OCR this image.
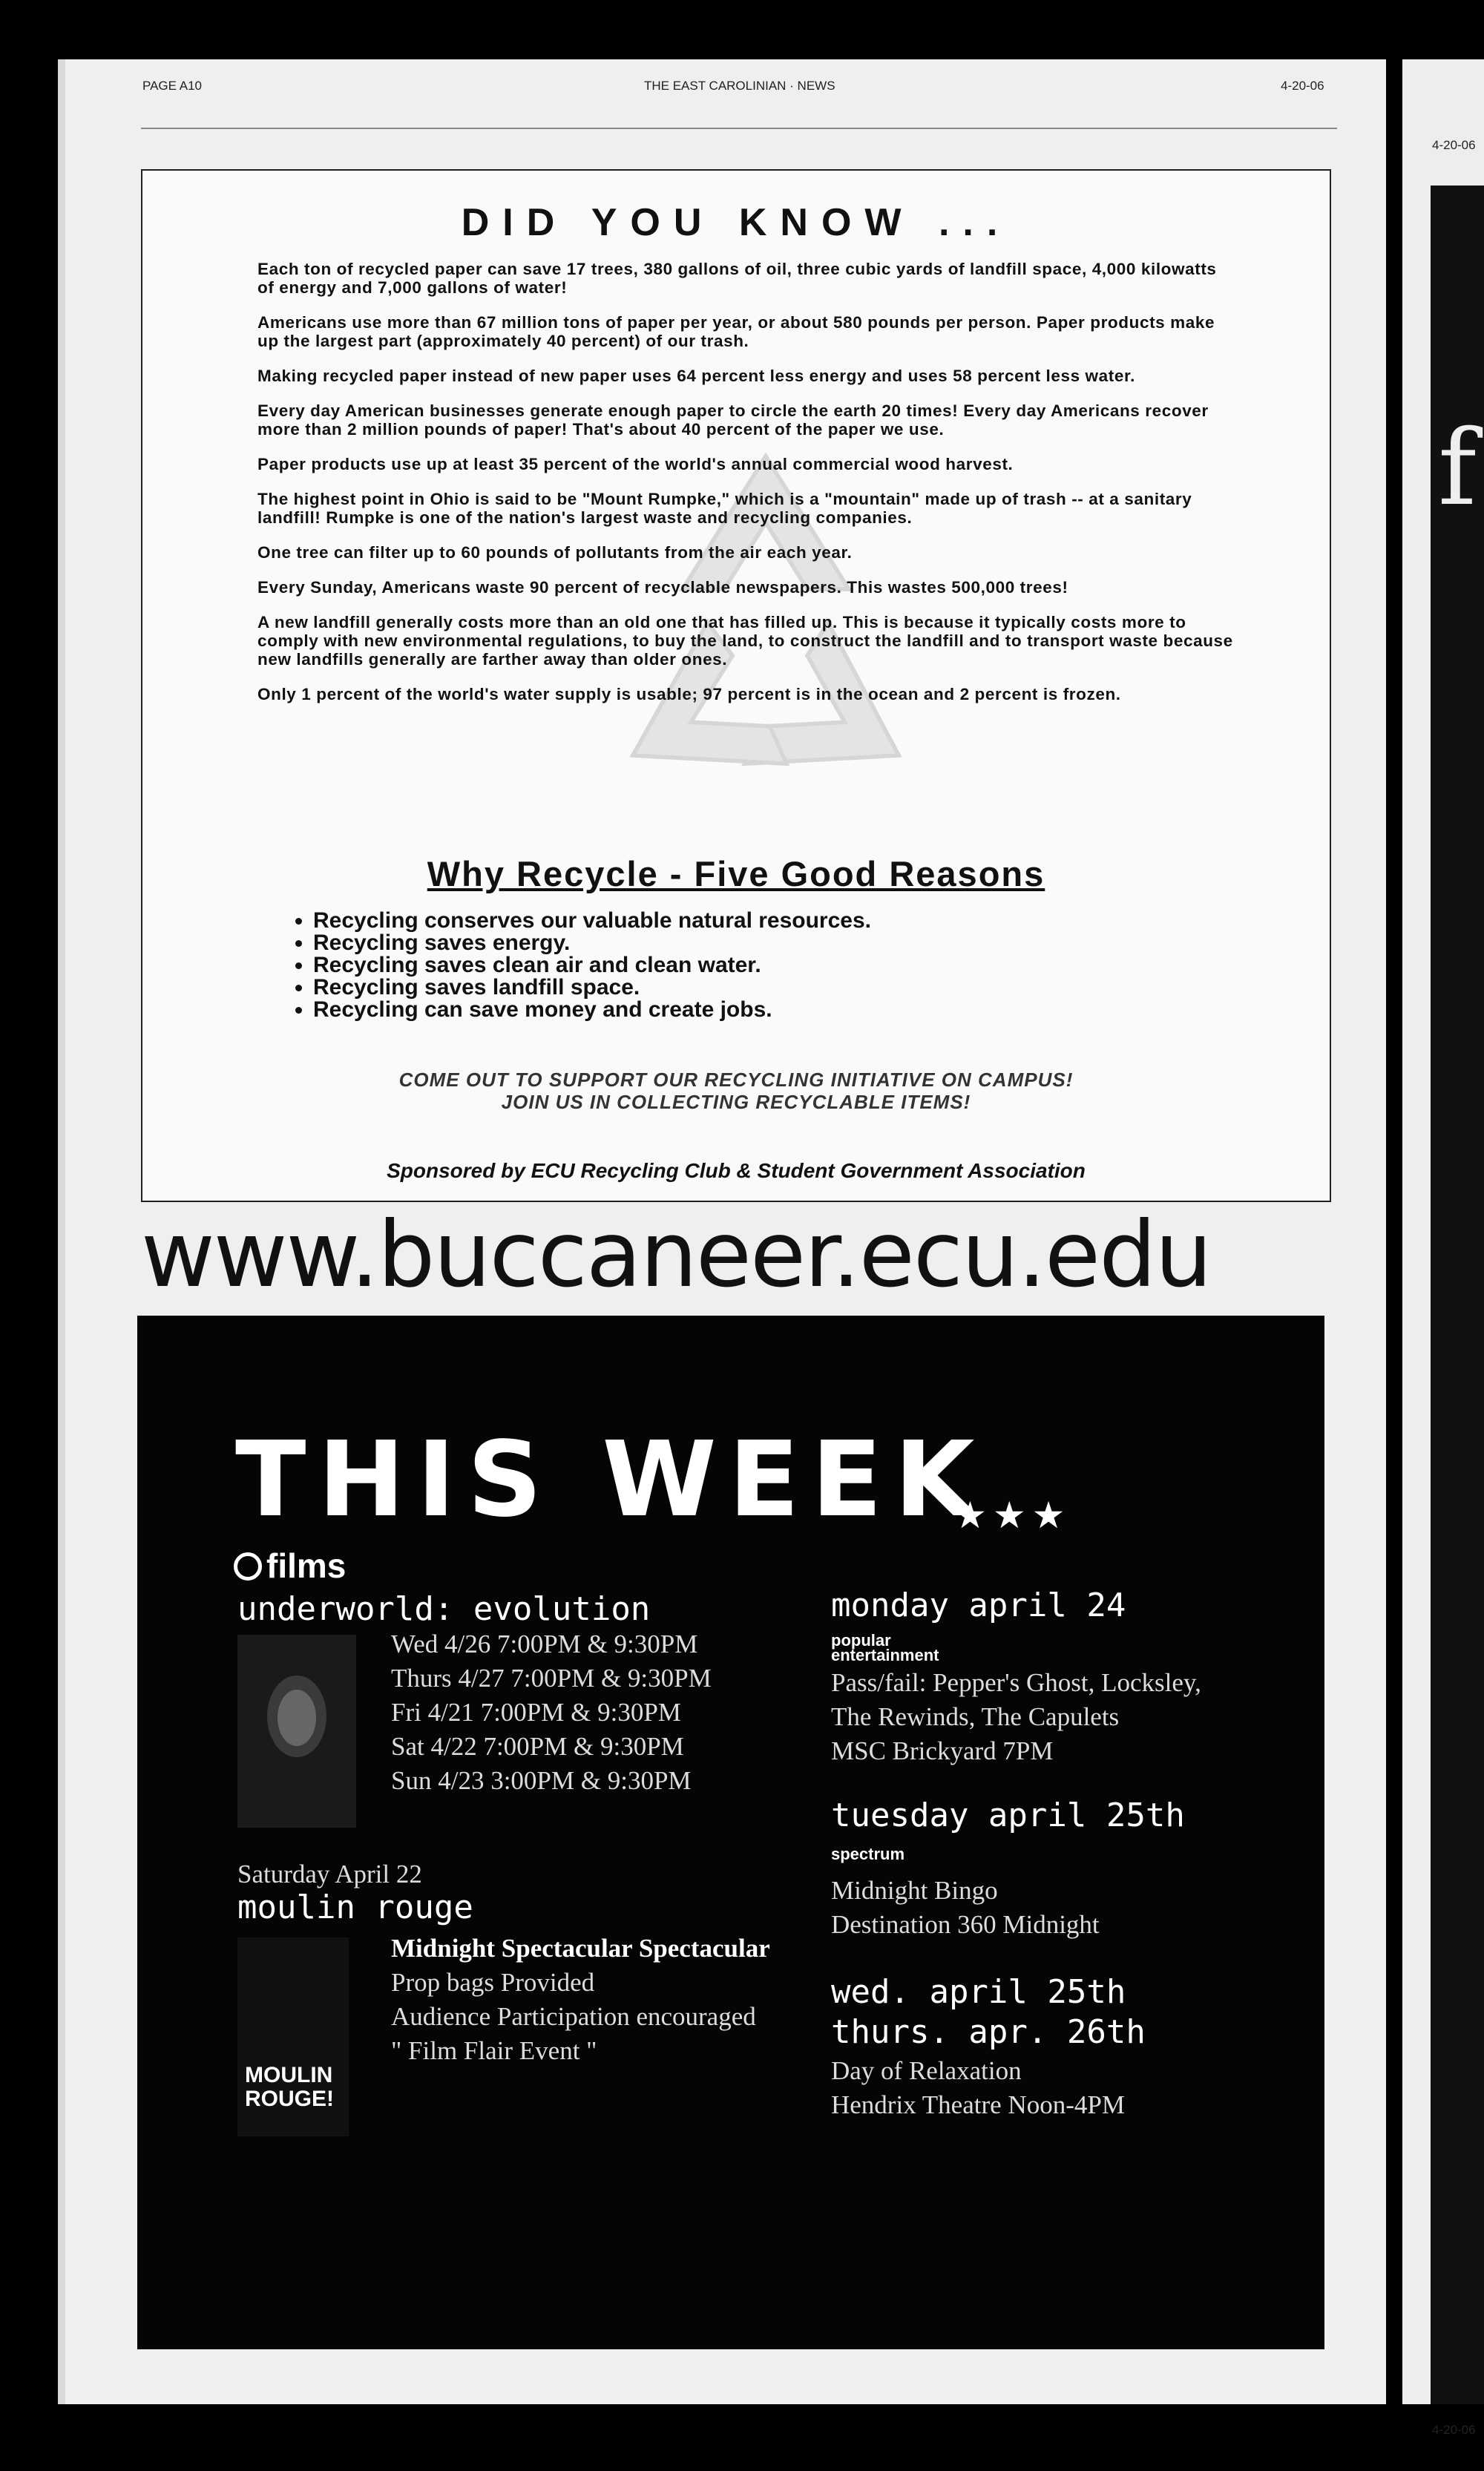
4-20-06
f
4-20-06
PAGE A10	THE EAST CAROLINIAN · NEWS	4-20-06
DID YOU KNOW ...
Each ton of recycled paper can save 17 trees, 380 gallons of oil, three cubic yards of landfill space, 4,000 kilowatts of energy and 7,000 gallons of water!
Americans use more than 67 million tons of paper per year, or about 580 pounds per person. Paper products make up the largest part (approximately 40 percent) of our trash.
Making recycled paper instead of new paper uses 64 percent less energy and uses 58 percent less water.
Every day American businesses generate enough paper to circle the earth 20 times! Every day Americans recover more than 2 million pounds of paper! That's about 40 percent of the paper we use.
Paper products use up at least 35 percent of the world's annual commercial wood harvest.
The highest point in Ohio is said to be "Mount Rumpke," which is a "mountain" made up of trash -- at a sanitary landfill! Rumpke is one of the nation's largest waste and recycling companies.
One tree can filter up to 60 pounds of pollutants from the air each year.
Every Sunday, Americans waste 90 percent of recyclable newspapers. This wastes 500,000 trees!
A new landfill generally costs more than an old one that has filled up. This is because it typically costs more to comply with new environmental regulations, to buy the land, to construct the landfill and to transport waste because new landfills generally are farther away than older ones.
Only 1 percent of the world's water supply is usable; 97 percent is in the ocean and 2 percent is frozen.
Why Recycle - Five Good Reasons
• Recycling conserves our valuable natural resources.
• Recycling saves energy.
• Recycling saves clean air and clean water.
• Recycling saves landfill space.
• Recycling can save money and create jobs.
COME OUT TO SUPPORT OUR RECYCLING INITIATIVE ON CAMPUS!
JOIN US IN COLLECTING RECYCLABLE ITEMS!
Sponsored by ECU Recycling Club & Student Government Association
www.buccaneer.ecu.edu
THIS WEEK
★★★
films
underworld: evolution
Wed 4/26 7:00PM & 9:30PM
Thurs 4/27 7:00PM & 9:30PM
Fri 4/21 7:00PM & 9:30PM
Sat 4/22 7:00PM & 9:30PM
Sun 4/23 3:00PM & 9:30PM
Saturday April 22
moulin rouge
MOULIN ROUGE!
Midnight Spectacular Spectacular
Prop bags Provided
Audience Participation encouraged
" Film Flair Event "
monday april 24
popular entertainment
Pass/fail: Pepper's Ghost, Locksley,
The Rewinds, The Capulets
MSC Brickyard 7PM
tuesday april 25th
spectrum
Midnight Bingo
Destination 360 Midnight
wed. april 25th
thurs. apr. 26th
Day of Relaxation
Hendrix Theatre Noon-4PM
